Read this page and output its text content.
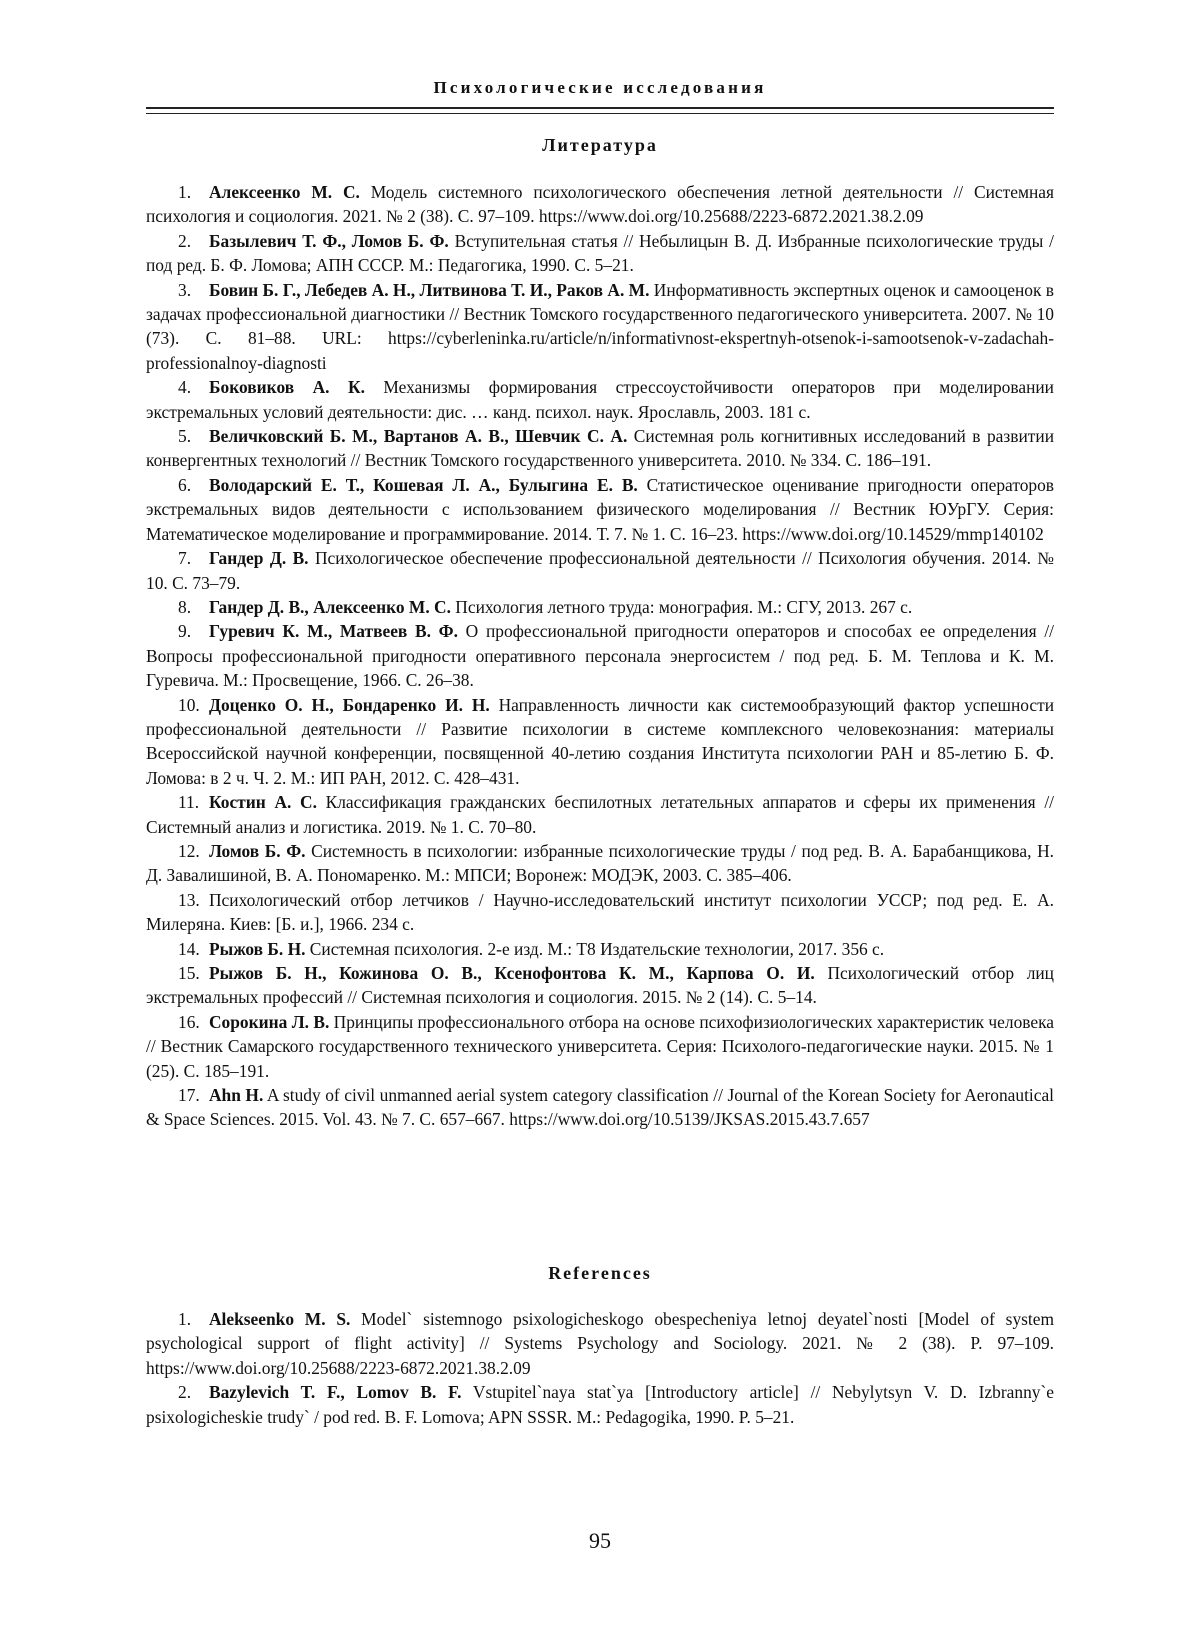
Психологические исследования
Литература

1. Алексеенко М. С. Модель системного психологического обеспечения летной деятельности // Системная психология и социология. 2021. № 2 (38). С. 97–109. https://www.doi.org/10.25688/2223-6872.2021.38.2.09

2. Базылевич Т. Ф., Ломов Б. Ф. Вступительная статья // Небылицын В. Д. Избранные психологические труды / под ред. Б. Ф. Ломова; АПН СССР. М.: Педагогика, 1990. С. 5–21.

3. Бовин Б. Г., Лебедев А. Н., Литвинова Т. И., Раков А. М. Информативность экспертных оценок и самооценок в задачах профессиональной диагностики // Вестник Томского государственного педагогического университета. 2007. № 10 (73). С. 81–88. URL: https://cyberleninka.ru/article/n/informativnost-ekspertnyh-otsenok-i-samootsenok-v-zadachah-professionalnoy-diagnosti

4. Боковиков А. К. Механизмы формирования стрессоустойчивости операторов при моделировании экстремальных условий деятельности: дис. … канд. психол. наук. Ярославль, 2003. 181 с.

5. Величковский Б. М., Вартанов А. В., Шевчик С. А. Системная роль когнитивных исследований в развитии конвергентных технологий // Вестник Томского государственного университета. 2010. № 334. С. 186–191.

6. Володарский Е. Т., Кошевая Л. А., Булыгина Е. В. Статистическое оценивание пригодности операторов экстремальных видов деятельности с использованием физического моделирования // Вестник ЮУрГУ. Серия: Математическое моделирование и программирование. 2014. Т. 7. № 1. С. 16–23. https://www.doi.org/10.14529/mmp140102

7. Гандер Д. В. Психологическое обеспечение профессиональной деятельности // Психология обучения. 2014. № 10. С. 73–79.

8. Гандер Д. В., Алексеенко М. С. Психология летного труда: монография. М.: СГУ, 2013. 267 с.

9. Гуревич К. М., Матвеев В. Ф. О профессиональной пригодности операторов и способах ее определения // Вопросы профессиональной пригодности оперативного персонала энергосистем / под ред. Б. М. Теплова и К. М. Гуревича. М.: Просвещение, 1966. С. 26–38.

10. Доценко О. Н., Бондаренко И. Н. Направленность личности как системообразующий фактор успешности профессиональной деятельности // Развитие психологии в системе комплексного человекознания: материалы Всероссийской научной конференции, посвященной 40-летию создания Института психологии РАН и 85-летию Б. Ф. Ломова: в 2 ч. Ч. 2. М.: ИП РАН, 2012. С. 428–431.

11. Костин А. С. Классификация гражданских беспилотных летательных аппаратов и сферы их применения // Системный анализ и логистика. 2019. № 1. С. 70–80.

12. Ломов Б. Ф. Системность в психологии: избранные психологические труды / под ред. В. А. Барабанщикова, Н. Д. Завалишиной, В. А. Пономаренко. М.: МПСИ; Воронеж: МОДЭК, 2003. С. 385–406.

13. Психологический отбор летчиков / Научно-исследовательский институт психологии УССР; под ред. Е. А. Милеряна. Киев: [Б. и.], 1966. 234 с.

14. Рыжов Б. Н. Системная психология. 2-е изд. М.: Т8 Издательские технологии, 2017. 356 с.

15. Рыжов Б. Н., Кожинова О. В., Ксенофонтова К. М., Карпова О. И. Психологический отбор лиц экстремальных профессий // Системная психология и социология. 2015. № 2 (14). С. 5–14.

16. Сорокина Л. В. Принципы профессионального отбора на основе психофизиологических характеристик человека // Вестник Самарского государственного технического университета. Серия: Психолого-педагогические науки. 2015. № 1 (25). С. 185–191.

17. Ahn H. A study of civil unmanned aerial system category classification // Journal of the Korean Society for Aeronautical & Space Sciences. 2015. Vol. 43. № 7. С. 657–667. https://www.doi.org/10.5139/JKSAS.2015.43.7.657

References

1. Alekseenko M. S. Model` sistemnogo psixologicheskogo obespecheniya letnoj deyatel`nosti [Model of system psychological support of flight activity] // Systems Psychology and Sociology. 2021. № 2 (38). P. 97–109. https://www.doi.org/10.25688/2223-6872.2021.38.2.09

2. Bazylevich T. F., Lomov B. F. Vstupitel`naya stat`ya [Introductory article] // Nebylytsyn V. D. Izbranny`e psixologicheskie trudy` / pod red. B. F. Lomova; APN SSSR. M.: Pedagogika, 1990. P. 5–21.

95
